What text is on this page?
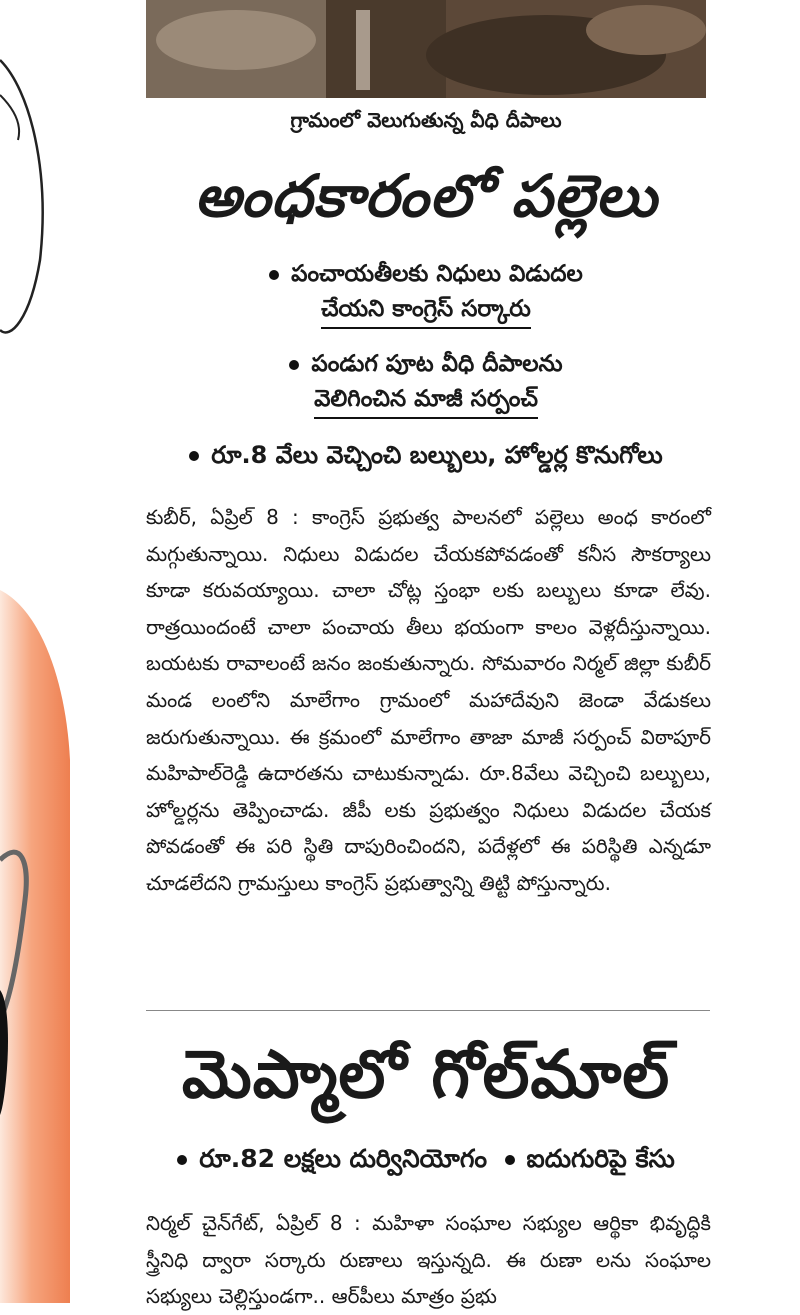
గ్రామంలో వెలుగుతున్న వీధి దీపాలు
అంధకారంలో పల్లెలు
పంచాయతీలకు నిధులు విడుదల
చేయని కాంగ్రెస్ సర్కారు
పండుగ పూట వీధి దీపాలను
వెలిగించిన మాజీ సర్పంచ్
రూ.8 వేలు వెచ్చించి బల్బులు, హోల్డర్ల కొనుగోలు
కుబీర్, ఏప్రిల్ 8 : కాంగ్రెస్ ప్రభుత్వ పాలనలో పల్లెలు అంధ కారంలో మగ్గుతున్నాయి. నిధులు విడుదల చేయకపోవడంతో కనీస సౌకర్యాలు కూడా కరువయ్యాయి. చాలా చోట్ల స్తంభా లకు బల్బులు కూడా లేవు. రాత్రయిందంటే చాలా పంచాయ తీలు భయంగా కాలం వెళ్లదీస్తున్నాయి. బయటకు రావాలంటే జనం జంకుతున్నారు. సోమవారం నిర్మల్ జిల్లా కుబీర్ మండ లంలోని మాలేగాం గ్రామంలో మహాదేవుని జెండా వేడుకలు జరుగుతున్నాయి. ఈ క్రమంలో మాలేగాం తాజా మాజీ సర్పంచ్ విఠాపూర్ మహిపాల్‌రెడ్డి ఉదారతను చాటుకున్నాడు. రూ.8వేలు వెచ్చించి బల్బులు, హోల్డర్లను తెప్పించాడు. జీపీ లకు ప్రభుత్వం నిధులు విడుదల చేయక పోవడంతో ఈ పరి స్థితి దాపురించిందని, పదేళ్లలో ఈ పరిస్థితి ఎన్నడూ చూడలేదని గ్రామస్తులు కాంగ్రెస్ ప్రభుత్వాన్ని తిట్టి పోస్తున్నారు.
మెప్మాలో గోల్‌మాల్
రూ.82 లక్షలు దుర్వినియోగం ఐదుగురిపై కేసు
నిర్మల్ చైన్‌గేట్, ఏప్రిల్ 8 : మహిళా సంఘాల సభ్యుల ఆర్థికా భివృద్ధికి స్త్రీనిధి ద్వారా సర్కారు రుణాలు ఇస్తున్నది. ఈ రుణా లను సంఘాల సభ్యులు చెల్లిస్తుండగా.. ఆర్‌పీలు మాత్రం ప్రభు
